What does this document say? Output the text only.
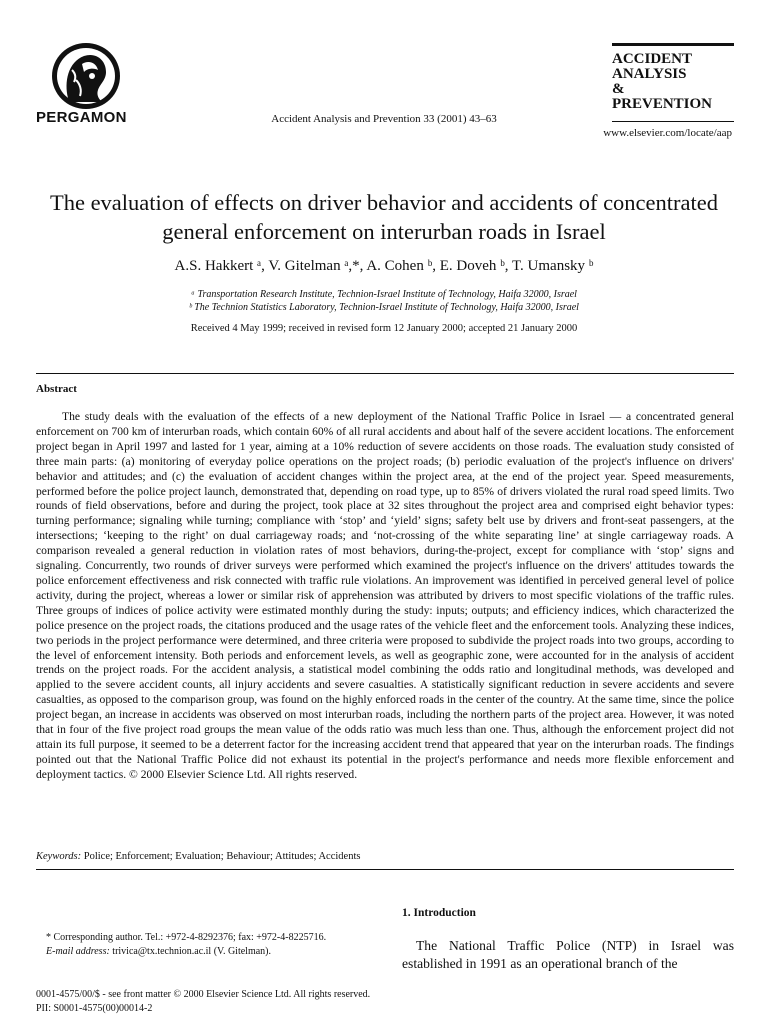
PERGAMON	Accident Analysis and Prevention 33 (2001) 43–63
ACCIDENT
ANALYSIS
&
PREVENTION
www.elsevier.com/locate/aap
The evaluation of effects on driver behavior and accidents of concentrated general enforcement on interurban roads in Israel
A.S. Hakkert ᵃ, V. Gitelman ᵃ,*, A. Cohen ᵇ, E. Doveh ᵇ, T. Umansky ᵇ
ᵃ Transportation Research Institute, Technion-Israel Institute of Technology, Haifa 32000, Israel
ᵇ The Technion Statistics Laboratory, Technion-Israel Institute of Technology, Haifa 32000, Israel
Received 4 May 1999; received in revised form 12 January 2000; accepted 21 January 2000
Abstract
The study deals with the evaluation of the effects of a new deployment of the National Traffic Police in Israel — a concentrated general enforcement on 700 km of interurban roads, which contain 60% of all rural accidents and about half of the severe accident locations. The enforcement project began in April 1997 and lasted for 1 year, aiming at a 10% reduction of severe accidents on those roads. The evaluation study consisted of three main parts: (a) monitoring of everyday police operations on the project roads; (b) periodic evaluation of the project's influence on drivers' behavior and attitudes; and (c) the evaluation of accident changes within the project area, at the end of the project year. Speed measurements, performed before the police project launch, demonstrated that, depending on road type, up to 85% of drivers violated the rural road speed limits. Two rounds of field observations, before and during the project, took place at 32 sites throughout the project area and comprised eight behavior types: turning performance; signaling while turning; compliance with ‘stop’ and ‘yield’ signs; safety belt use by drivers and front-seat passengers, at the intersections; ‘keeping to the right’ on dual carriageway roads; and ‘not-crossing of the white separating line’ at single carriageway roads. A comparison revealed a general reduction in violation rates of most behaviors, during-the-project, except for compliance with ‘stop’ signs and signaling. Concurrently, two rounds of driver surveys were performed which examined the project's influence on the drivers' attitudes towards the police enforcement effectiveness and risk connected with traffic rule violations. An improvement was identified in perceived general level of police activity, during the project, whereas a lower or similar risk of apprehension was attributed by drivers to most specific violations of the traffic rules. Three groups of indices of police activity were estimated monthly during the study: inputs; outputs; and efficiency indices, which characterized the police presence on the project roads, the citations produced and the usage rates of the vehicle fleet and the enforcement tools. Analyzing these indices, two periods in the project performance were determined, and three criteria were proposed to subdivide the project roads into two groups, according to the level of enforcement intensity. Both periods and enforcement levels, as well as geographic zone, were accounted for in the analysis of accident trends on the project roads. For the accident analysis, a statistical model combining the odds ratio and longitudinal methods, was developed and applied to the severe accident counts, all injury accidents and severe casualties. A statistically significant reduction in severe accidents and severe casualties, as opposed to the comparison group, was found on the highly enforced roads in the center of the country. At the same time, since the police project began, an increase in accidents was observed on most interurban roads, including the northern parts of the project area. However, it was noted that in four of the five project road groups the mean value of the odds ratio was much less than one. Thus, although the enforcement project did not attain its full purpose, it seemed to be a deterrent factor for the increasing accident trend that appeared that year on the interurban roads. The findings pointed out that the National Traffic Police did not exhaust its potential in the project's performance and needs more flexible enforcement and deployment tactics. © 2000 Elsevier Science Ltd. All rights reserved.
Keywords: Police; Enforcement; Evaluation; Behaviour; Attitudes; Accidents

* Corresponding author. Tel.: +972-4-8292376; fax: +972-4-8225716.

E-mail address: trivica@tx.technion.ac.il (V. Gitelman).

1. Introduction
The National Traffic Police (NTP) in Israel was established in 1991 as an operational branch of the
0001-4575/00/$ - see front matter © 2000 Elsevier Science Ltd. All rights reserved.
PII: S0001-4575(00)00014-2
